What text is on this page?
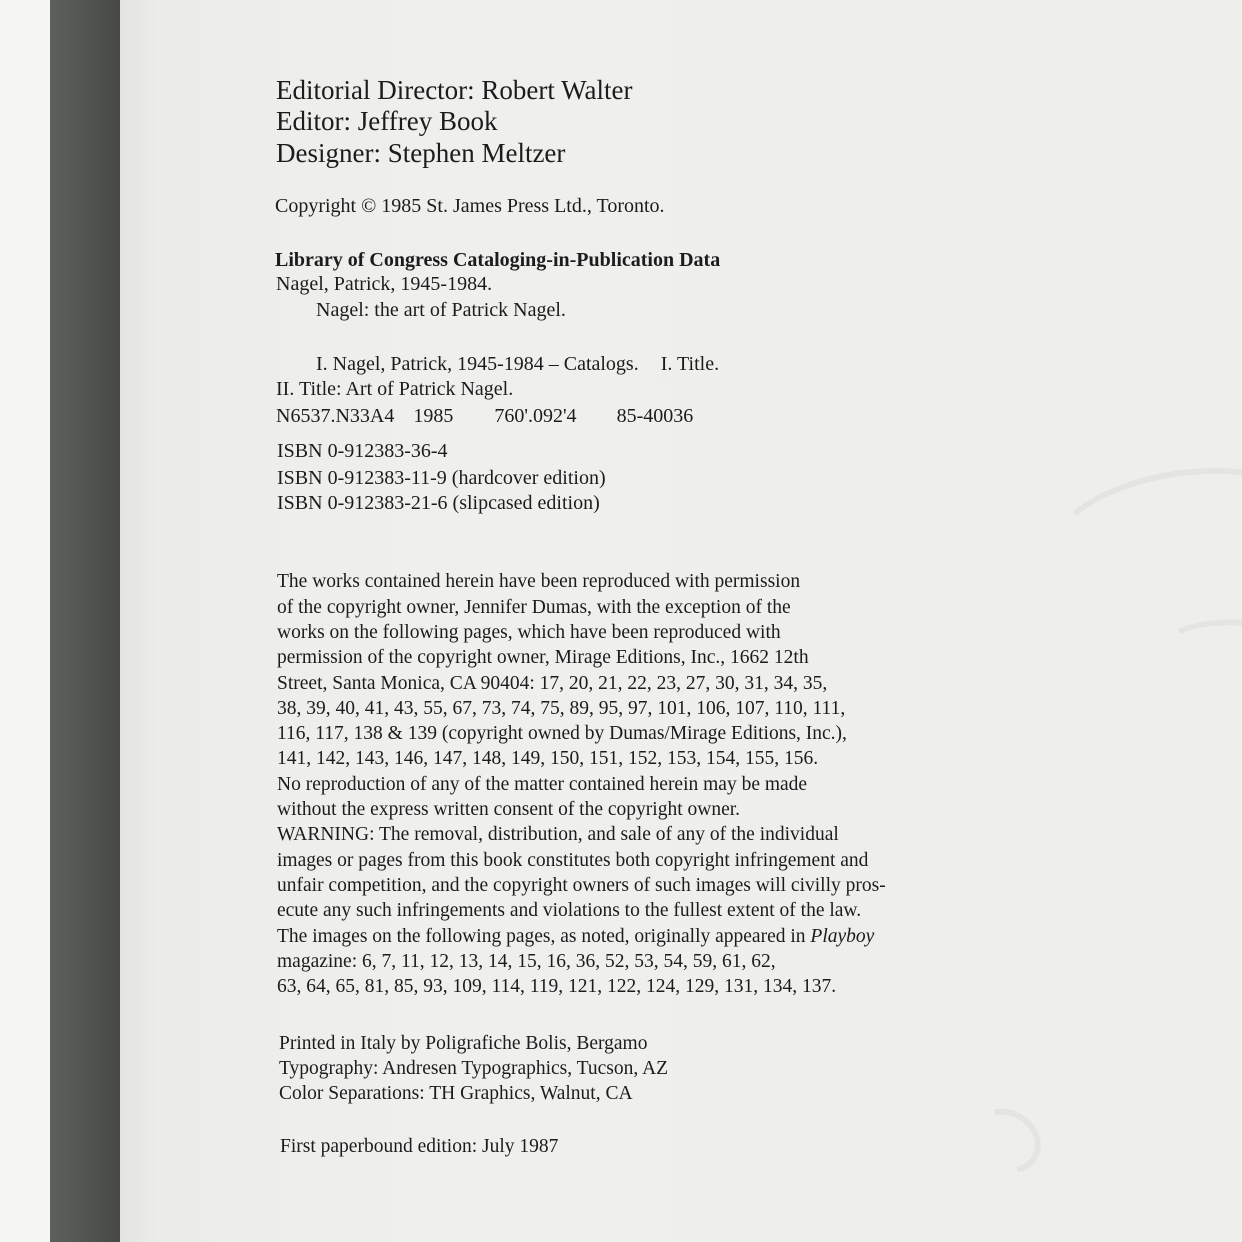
Editorial Director: Robert Walter

Editor: Jeffrey Book

Designer: Stephen Meltzer

Copyright © 1985 St. James Press Ltd., Toronto.

Library of Congress Cataloging-in-Publication Data

Nagel, Patrick, 1945-1984.

Nagel: the art of Patrick Nagel.

I. Nagel, Patrick, 1945-1984 – Catalogs. I. Title.

II. Title: Art of Patrick Nagel.

N6537.N33A4 1985 760'.092'4 85-40036

ISBN 0-912383-36-4

ISBN 0-912383-11-9 (hardcover edition)

ISBN 0-912383-21-6 (slipcased edition)

The works contained herein have been reproduced with permission

of the copyright owner, Jennifer Dumas, with the exception of the

works on the following pages, which have been reproduced with

permission of the copyright owner, Mirage Editions, Inc., 1662 12th

Street, Santa Monica, CA 90404: 17, 20, 21, 22, 23, 27, 30, 31, 34, 35,

38, 39, 40, 41, 43, 55, 67, 73, 74, 75, 89, 95, 97, 101, 106, 107, 110, 111,

116, 117, 138 & 139 (copyright owned by Dumas/Mirage Editions, Inc.),

141, 142, 143, 146, 147, 148, 149, 150, 151, 152, 153, 154, 155, 156.

No reproduction of any of the matter contained herein may be made

without the express written consent of the copyright owner.

WARNING: The removal, distribution, and sale of any of the individual

images or pages from this book constitutes both copyright infringement and

unfair competition, and the copyright owners of such images will civilly pros-

ecute any such infringements and violations to the fullest extent of the law.

The images on the following pages, as noted, originally appeared in Playboy

magazine: 6, 7, 11, 12, 13, 14, 15, 16, 36, 52, 53, 54, 59, 61, 62,

63, 64, 65, 81, 85, 93, 109, 114, 119, 121, 122, 124, 129, 131, 134, 137.

Printed in Italy by Poligrafiche Bolis, Bergamo

Typography: Andresen Typographics, Tucson, AZ

Color Separations: TH Graphics, Walnut, CA

First paperbound edition: July 1987
